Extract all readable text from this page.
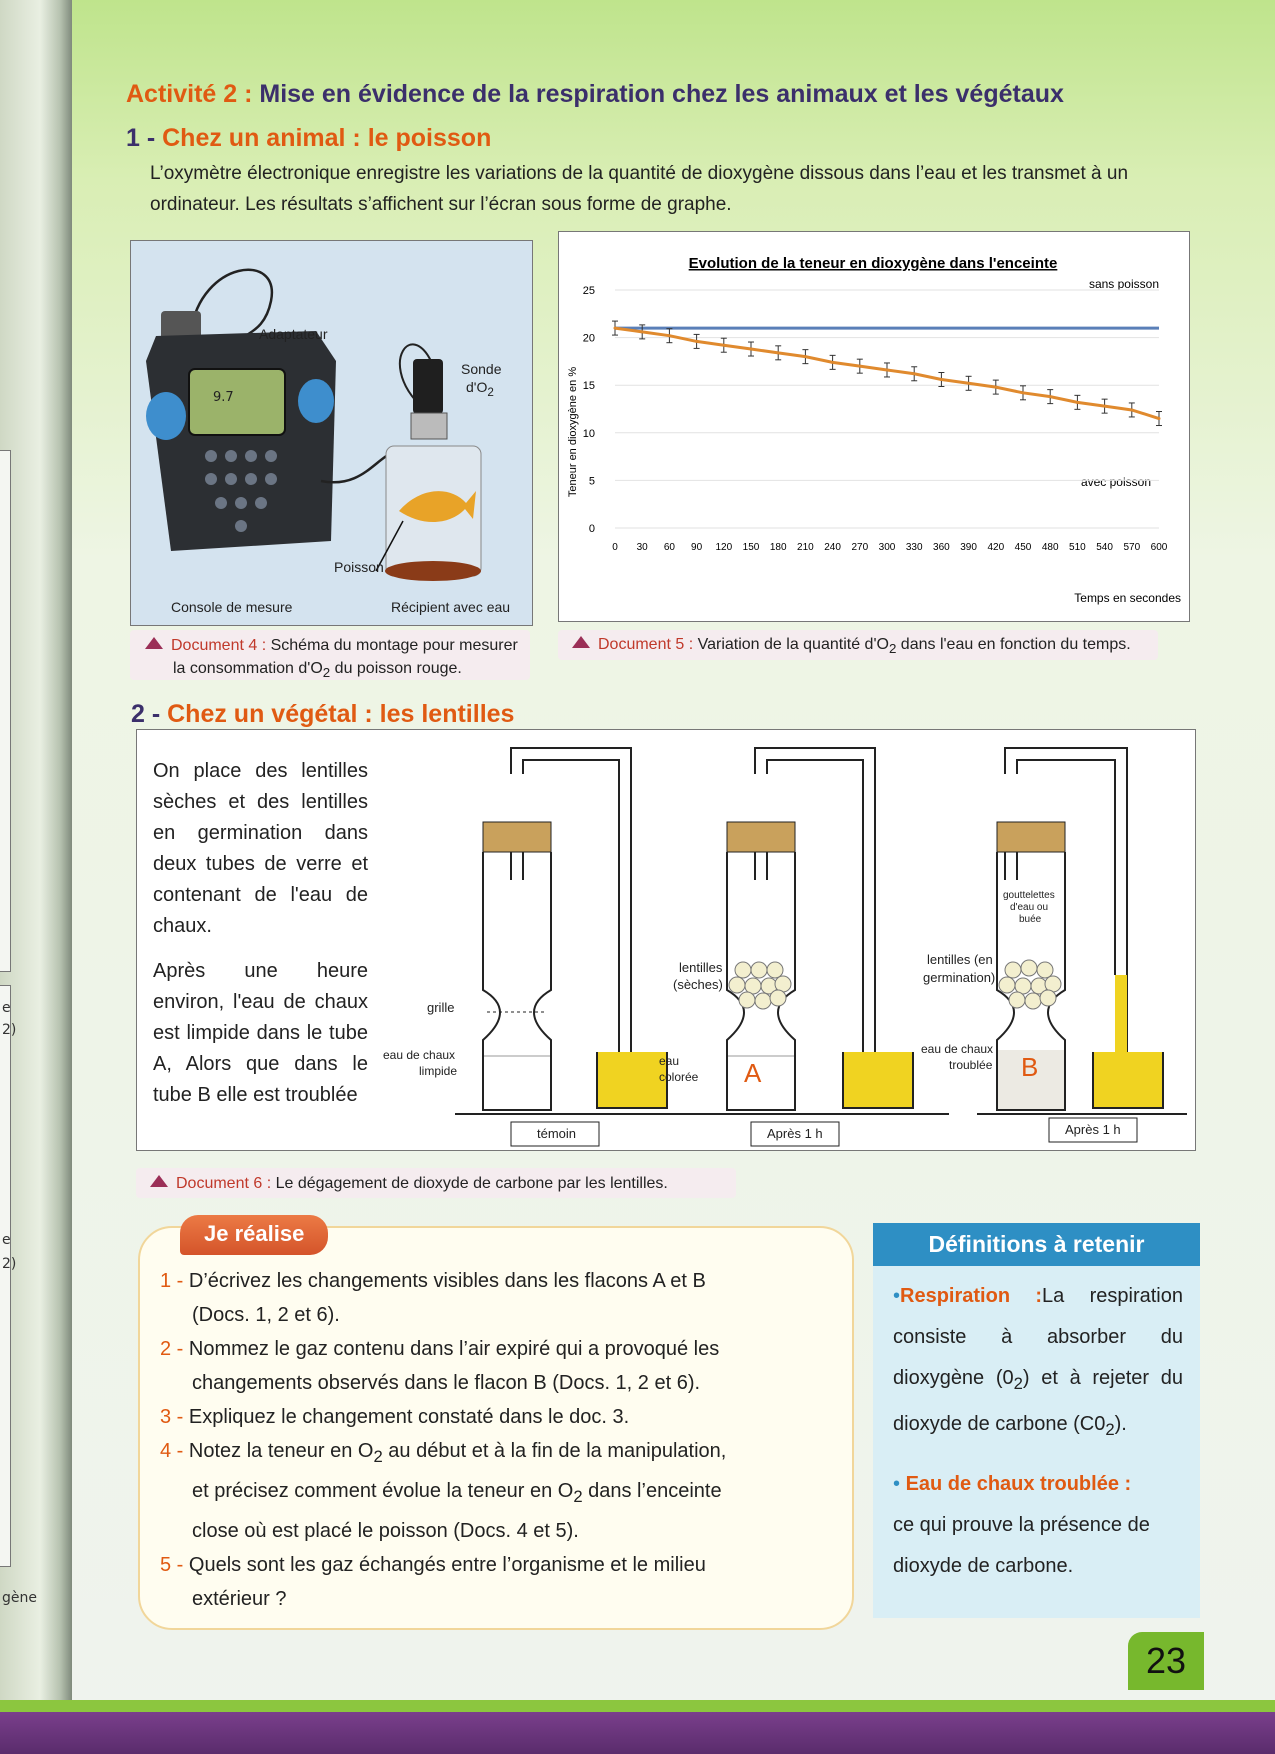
e
2)
e
2)
gène
Activité 2 : Mise en évidence de la respiration chez les animaux et les végétaux
1 - Chez un animal : le poisson
L’oxymètre électronique enregistre les variations de la quantité de dioxygène dissous dans l’eau et les transmet à un ordinateur. Les résultats s’affichent sur l’écran sous forme de graphe.
9.7
Adaptateur
Sonde
$d'O_2$
Poisson
Console de mesure	Récipient avec eau
Document 4 : Schéma du montage pour mesurer
la consommation $d'O_2$ du poisson rouge.
Evolution de la teneur en dioxygène dans l'enceinte
Teneur en dioxygène en %
Temps en secondes
sans poisson
avec poisson
0
5
10
15
20
25
0 30 60 90 120 150 180 210 240 270 300 330 360 390 420 450 480 510 540 570 600
Document 5 : Variation de la quantité $d'O_2$ dans l'eau en fonction du temps.
2 - Chez un végétal : les lentilles
On place des lentilles sèches et des lentilles en germination dans deux tubes de verre et contenant de l'eau de chaux.
Après une heure environ, l'eau de chaux est limpide dans le tube A, Alors que dans le tube B elle est troublée
grille
eau de chaux
limpide
eau
colorée
lentilles
(sèches)
A
lentilles (en
germination)
gouttelettes
d'eau ou
buée
eau de chaux
troublée B
témoin	Après 1 h	Après 1 h
Document 6 : Le dégagement de dioxyde de carbone par les lentilles.
Je réalise
1 - D’écrivez les changements visibles dans les flacons A et B
(Docs. 1, 2 et 6).
2 - Nommez le gaz contenu dans l’air expiré qui a provoqué les
changements observés dans le flacon B (Docs. 1, 2 et 6).
3 - Expliquez le changement constaté dans le doc. 3.
4 - Notez la teneur en $O_2$ au début et à la fin de la manipulation,
et précisez comment évolue la teneur en $O_2$ dans l’enceinte
close où est placé le poisson (Docs. 4 et 5).
5 - Quels sont les gaz échangés entre l’organisme et le milieu
extérieur ?
Définitions à retenir
•Respiration :La respiration consiste à absorber du dioxygène $(0_2)$ et à rejeter du dioxyde de carbone $(C0_2)$.
• Eau de chaux troublée :
ce qui prouve la présence de dioxyde de carbone.
23
